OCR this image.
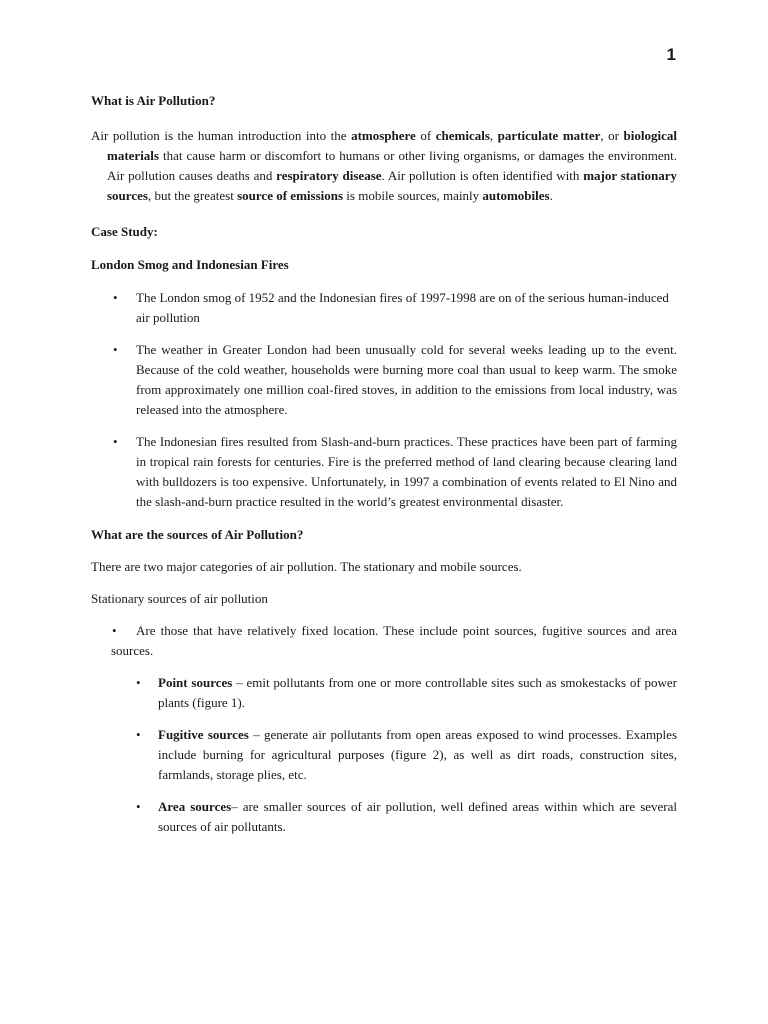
1
What is Air Pollution?

Air pollution is the human introduction into the atmosphere of chemicals, particulate matter, or biological materials that cause harm or discomfort to humans or other living organisms, or damages the environment. Air pollution causes deaths and respiratory disease. Air pollution is often identified with major stationary sources, but the greatest source of emissions is mobile sources, mainly automobiles.

Case Study:
London Smog and Indonesian Fires
• The London smog of 1952 and the Indonesian fires of 1997-1998 are on of the serious human-induced air pollution
• The weather in Greater London had been unusually cold for several weeks leading up to the event. Because of the cold weather, households were burning more coal than usual to keep warm. The smoke from approximately one million coal-fired stoves, in addition to the emissions from local industry, was released into the atmosphere.
• The Indonesian fires resulted from Slash-and-burn practices. These practices have been part of farming in tropical rain forests for centuries. Fire is the preferred method of land clearing because clearing land with bulldozers is too expensive. Unfortunately, in 1997 a combination of events related to El Nino and the slash-and-burn practice resulted in the world’s greatest environmental disaster.
What are the sources of Air Pollution?

There are two major categories of air pollution. The stationary and mobile sources.

Stationary sources of air pollution

• Are those that have relatively fixed location. These include point sources, fugitive sources and area sources.

• Point sources – emit pollutants from one or more controllable sites such as smokestacks of power plants (figure 1).
• Fugitive sources – generate air pollutants from open areas exposed to wind processes. Examples include burning for agricultural purposes (figure 2), as well as dirt roads, construction sites, farmlands, storage plies, etc.
• Area sources– are smaller sources of air pollution, well defined areas within which are several sources of air pollutants.
